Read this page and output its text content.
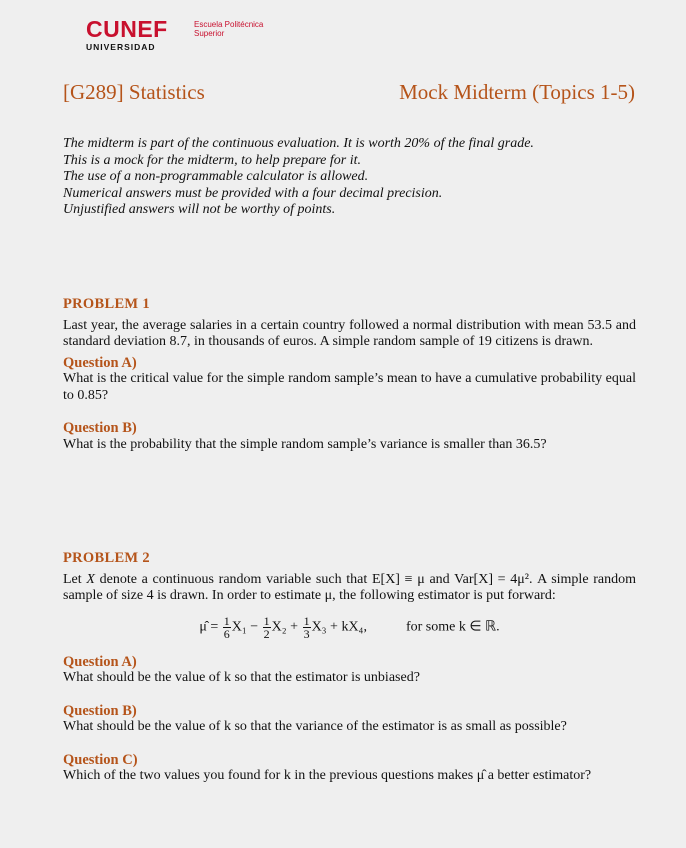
CUNEF	Escuela Politécnica
Superior
UNIVERSIDAD
[G289] Statistics	Mock Midterm (Topics 1-5)
The midterm is part of the continuous evaluation. It is worth 20% of the final grade.
This is a mock for the midterm, to help prepare for it.
The use of a non-programmable calculator is allowed.
Numerical answers must be provided with a four decimal precision.
Unjustified answers will not be worthy of points.
PROBLEM 1
Last year, the average salaries in a certain country followed a normal distribution with mean 53.5 and standard deviation 8.7, in thousands of euros. A simple random sample of 19 citizens is drawn.
Question A)
What is the critical value for the simple random sample’s mean to have a cumulative probability equal to 0.85?
Question B)
What is the probability that the simple random sample’s variance is smaller than 36.5?
PROBLEM 2
Let X denote a continuous random variable such that E[X] ≡ μ and Var[X] = 4μ². A simple random sample of size 4 is drawn. In order to estimate μ, the following estimator is put forward:
μ̂ = $\frac{1}{6} X_1 - \frac{1}{2} X_2 + \frac{1}{3} X_3 + kX_4$,	for some k ∈ ℝ.
Question A)
What should be the value of k so that the estimator is unbiased?
Question B)
What should be the value of k so that the variance of the estimator is as small as possible?
Question C)
Which of the two values you found for k in the previous questions makes μ̂ a better estimator?
